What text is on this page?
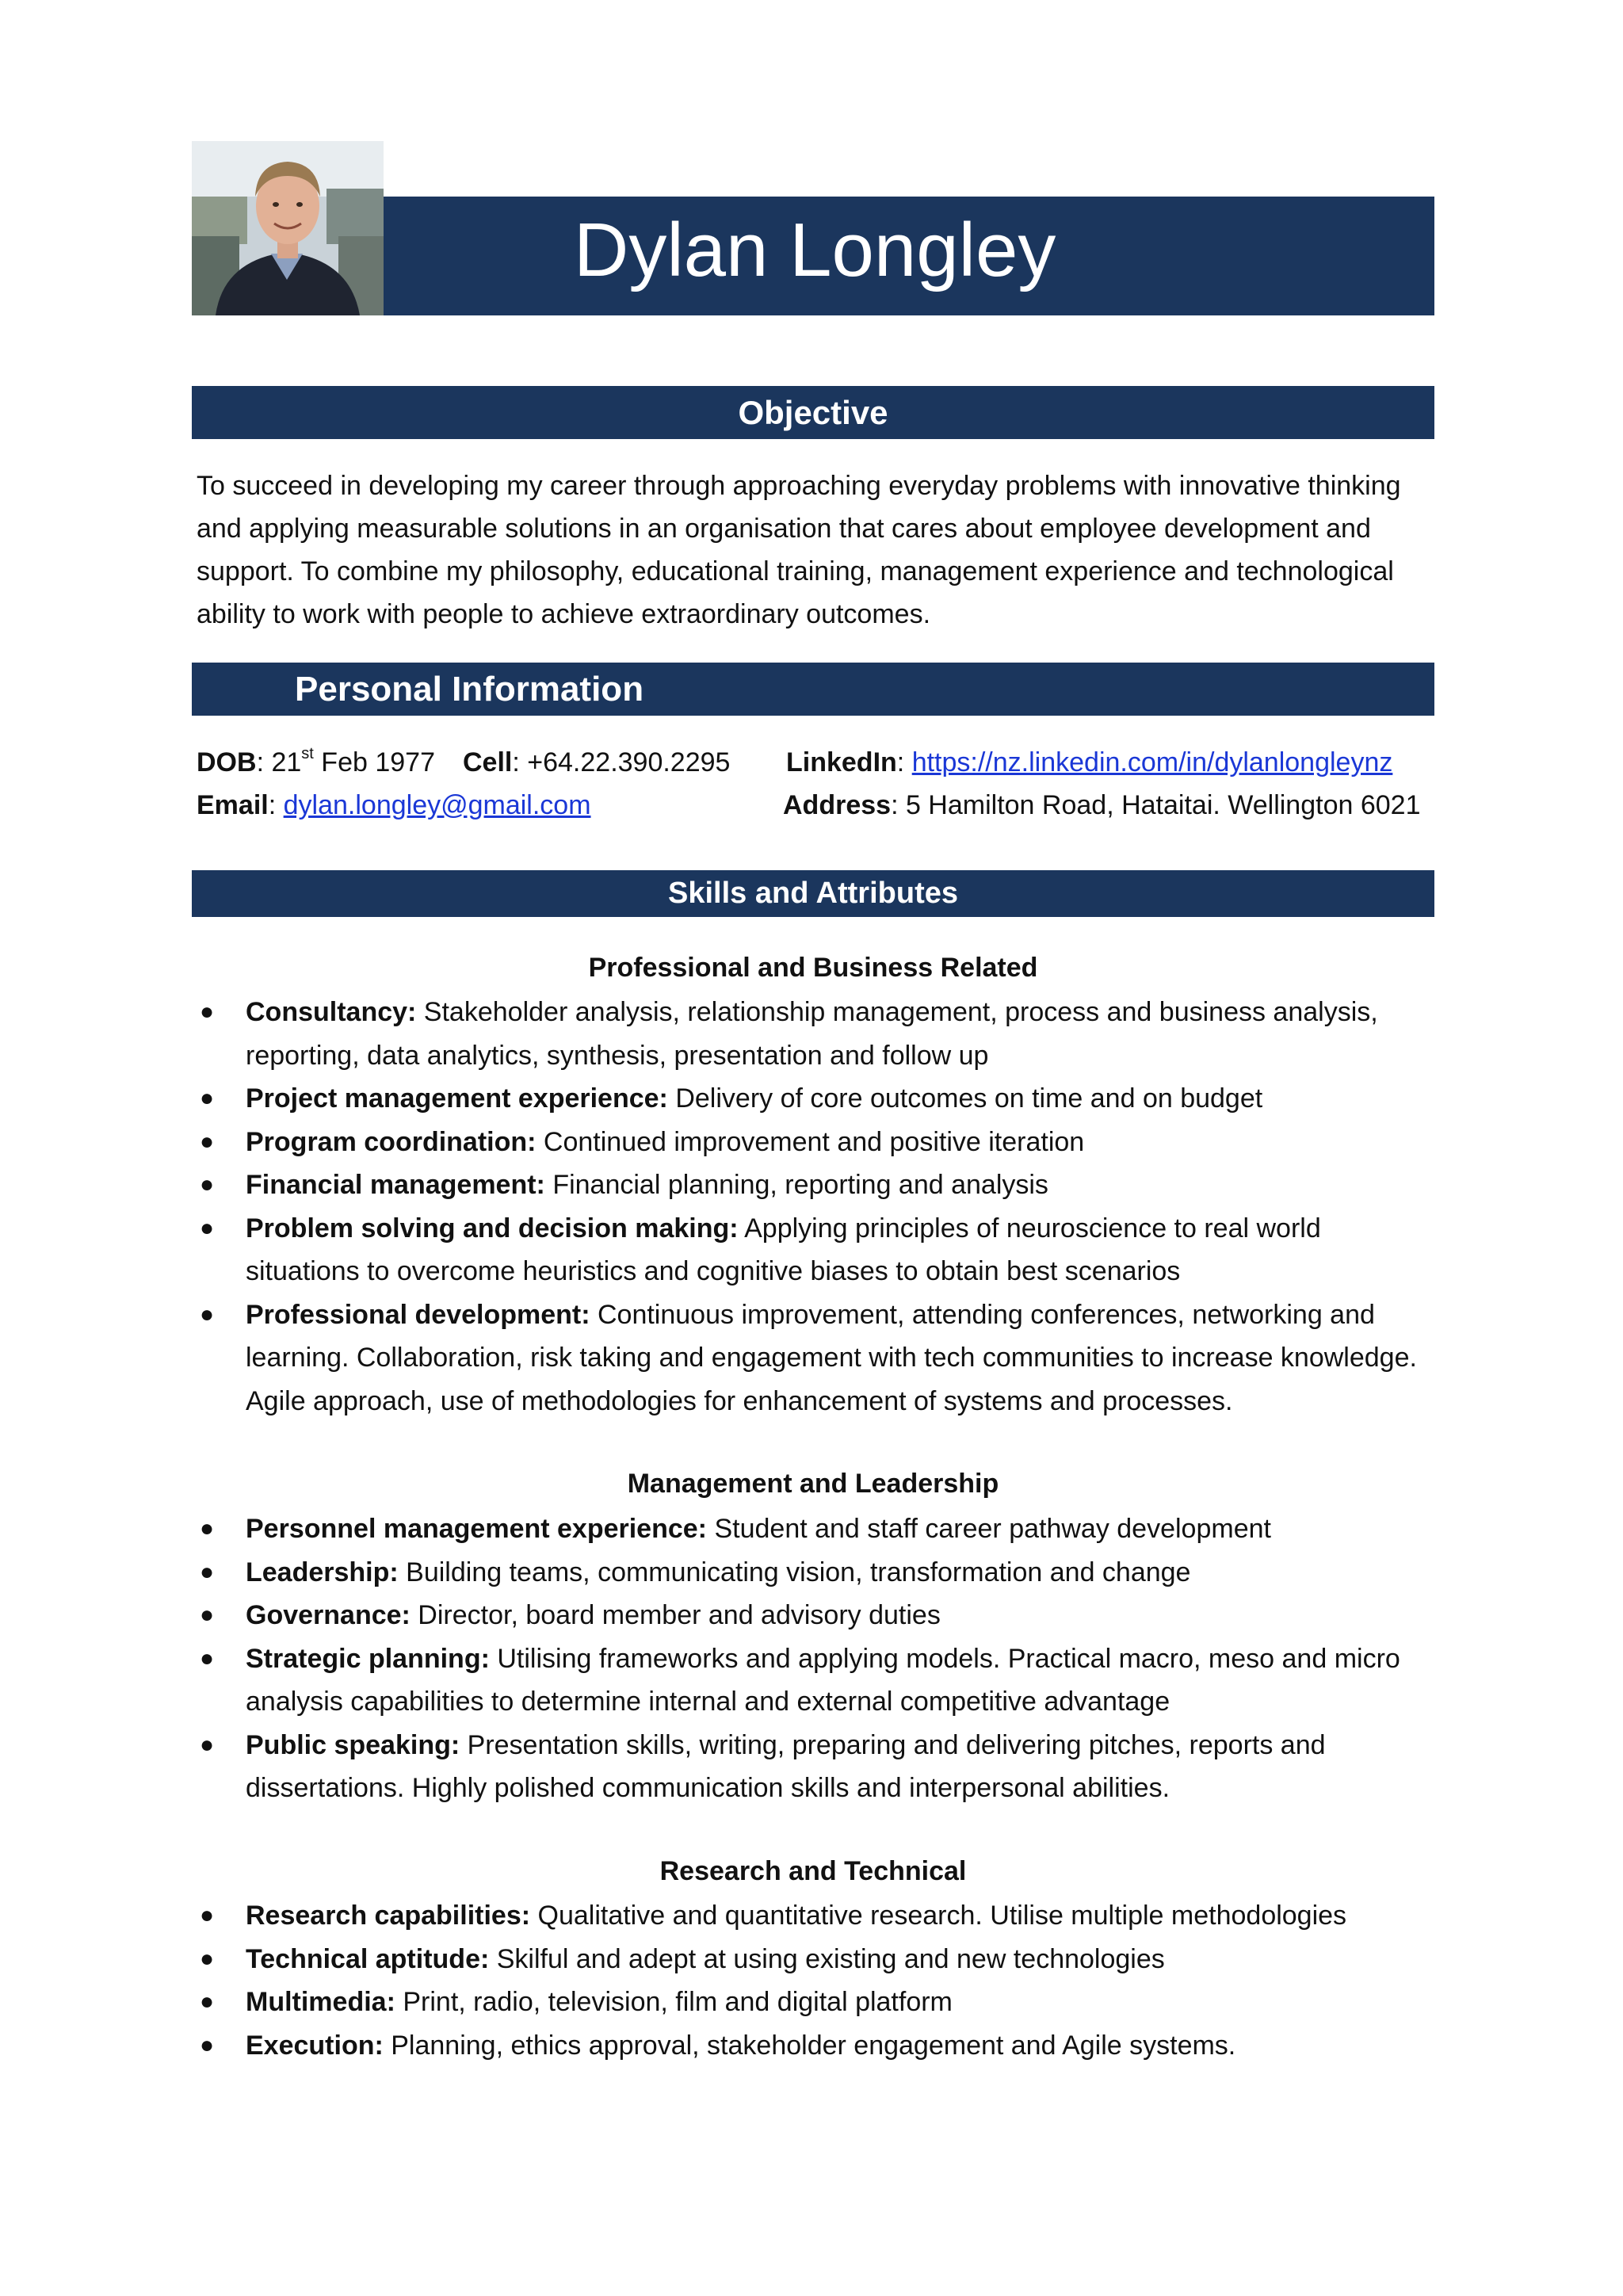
Dylan Longley
Objective
To succeed in developing my career through approaching everyday problems with innovative thinking and applying measurable solutions in an organisation that cares about employee development and support. To combine my philosophy, educational training, management experience and technological ability to work with people to achieve extraordinary outcomes.
Personal Information
DOB: 21st Feb 1977 Cell: +64.22.390.2295 LinkedIn: https://nz.linkedin.com/in/dylanlongleynz
Email: dylan.longley@gmail.com	Address: 5 Hamilton Road, Hataitai. Wellington 6021
Skills and Attributes
Professional and Business Related
● Consultancy: Stakeholder analysis, relationship management, process and business analysis, reporting, data analytics, synthesis, presentation and follow up
● Project management experience: Delivery of core outcomes on time and on budget
● Program coordination: Continued improvement and positive iteration
● Financial management: Financial planning, reporting and analysis
● Problem solving and decision making: Applying principles of neuroscience to real world situations to overcome heuristics and cognitive biases to obtain best scenarios
● Professional development: Continuous improvement, attending conferences, networking and learning. Collaboration, risk taking and engagement with tech communities to increase knowledge. Agile approach, use of methodologies for enhancement of systems and processes.
Management and Leadership
● Personnel management experience: Student and staff career pathway development
● Leadership: Building teams, communicating vision, transformation and change
● Governance: Director, board member and advisory duties
● Strategic planning: Utilising frameworks and applying models. Practical macro, meso and micro analysis capabilities to determine internal and external competitive advantage
● Public speaking: Presentation skills, writing, preparing and delivering pitches, reports and dissertations. Highly polished communication skills and interpersonal abilities.
Research and Technical
● Research capabilities: Qualitative and quantitative research. Utilise multiple methodologies
● Technical aptitude: Skilful and adept at using existing and new technologies
● Multimedia: Print, radio, television, film and digital platform
● Execution: Planning, ethics approval, stakeholder engagement and Agile systems.
